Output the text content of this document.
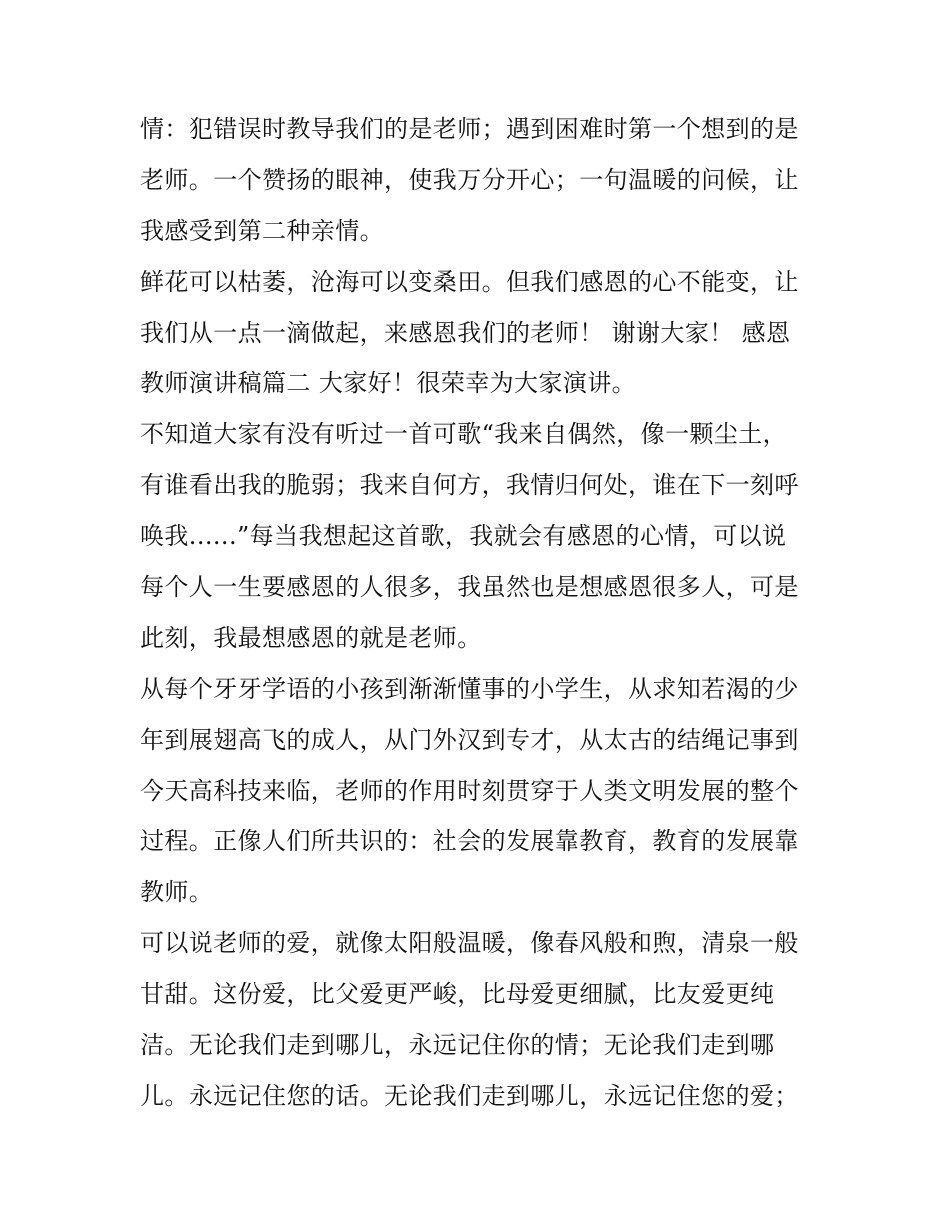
情：犯错误时教导我们的是老师；遇到困难时第一个想到的是
老师。一个赞扬的眼神，使我万分开心；一句温暖的问候，让
我感受到第二种亲情。
鲜花可以枯萎，沧海可以变桑田。但我们感恩的心不能变，让
我们从一点一滴做起，来感恩我们的老师！ 谢谢大家！ 感恩
教师演讲稿篇二 大家好！很荣幸为大家演讲。
不知道大家有没有听过一首可歌“我来自偶然，像一颗尘土，
有谁看出我的脆弱；我来自何方，我情归何处，谁在下一刻呼
唤我......”每当我想起这首歌，我就会有感恩的心情，可以说
每个人一生要感恩的人很多，我虽然也是想感恩很多人，可是
此刻，我最想感恩的就是老师。
从每个牙牙学语的小孩到渐渐懂事的小学生，从求知若渴的少
年到展翅高飞的成人，从门外汉到专才，从太古的结绳记事到
今天高科技来临，老师的作用时刻贯穿于人类文明发展的整个
过程。正像人们所共识的：社会的发展靠教育，教育的发展靠
教师。
可以说老师的爱，就像太阳般温暖，像春风般和煦，清泉一般
甘甜。这份爱，比父爱更严峻，比母爱更细腻，比友爱更纯
洁。无论我们走到哪儿，永远记住你的情；无论我们走到哪
儿。永远记住您的话。无论我们走到哪儿，永远记住您的爱；
